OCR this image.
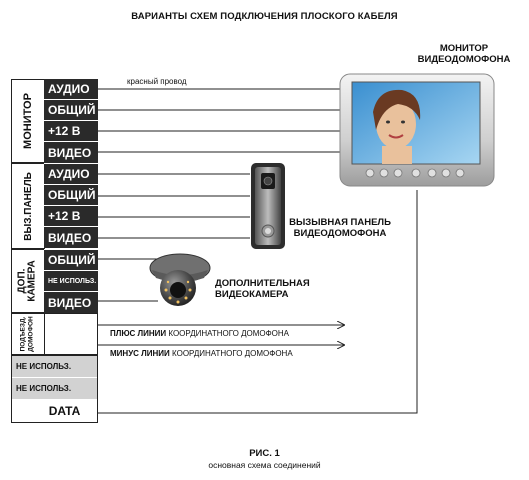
ВАРИАНТЫ СХЕМ ПОДКЛЮЧЕНИЯ ПЛОСКОГО КАБЕЛЯ
МОНИТОР
АУДИО
ОБЩИЙ
+12 В
ВИДЕО
ВЫЗ.ПАНЕЛЬ	АУДИО
ОБЩИЙ
+12 В
ВИДЕО
ДОП. КАМЕРА
ОБЩИЙ
НЕ ИСПОЛЬЗ.
ВИДЕО
ПОДЪЕЗД. ДОМОФОН
НЕ ИСПОЛЬЗ.
НЕ ИСПОЛЬЗ.
DATA
красный провод
ПЛЮС ЛИНИИ КООРДИНАТНОГО ДОМОФОНА
МИНУС ЛИНИИ КООРДИНАТНОГО ДОМОФОНА
МОНИТОР
ВИДЕОДОМОФОНА
ВЫЗЫВНАЯ ПАНЕЛЬ
ВИДЕОДОМОФОНА
ДОПОЛНИТЕЛЬНАЯ
ВИДЕОКАМЕРА
РИС. 1
основная схема соединений
